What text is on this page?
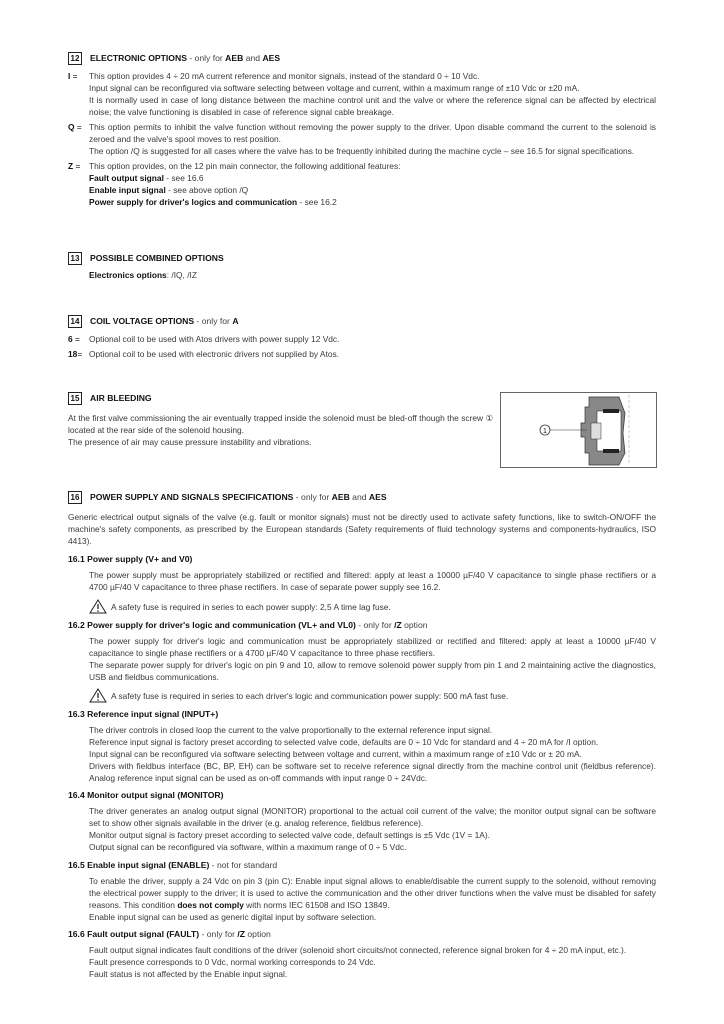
12 ELECTRONIC OPTIONS - only for AEB and AES
I =	This option provides 4 ÷ 20 mA current reference and monitor signals, instead of the standard 0 ÷ 10 Vdc.

Input signal can be reconfigured via software selecting between voltage and current, within a maximum range of ±10 Vdc or ±20 mA.

It is normally used in case of long distance between the machine control unit and the valve or where the reference signal can be affected by electrical noise; the valve functioning is disabled in case of reference signal cable breakage.

Q = This option permits to inhibit the valve function without removing the power supply to the driver. Upon disable command the current to the solenoid is zeroed and the valve's spool moves to rest position.

The option /Q is suggested for all cases where the valve has to be frequently inhibited during the machine cycle – see 16.5 for signal specifications.

Z =	This option provides, on the 12 pin main connector, the following additional features:

Fault output signal - see 16.6

Enable input signal - see above option /Q

Power supply for driver's logics and communication - see 16.2

13 POSSIBLE COMBINED OPTIONS

Electronics options: /IQ, /IZ

14 COIL VOLTAGE OPTIONS - only for A
6 =	Optional coil to be used with Atos drivers with power supply 12 Vdc.

18= Optional coil to be used with electronic drivers not supplied by Atos.

15 AIR BLEEDING

At the first valve commissioning the air eventually trapped inside the solenoid must be bled-off though the screw ① located at the rear side of the solenoid housing.

The presence of air may cause pressure instability and vibrations.

1
16 POWER SUPPLY AND SIGNALS SPECIFICATIONS - only for AEB and AES

Generic electrical output signals of the valve (e.g. fault or monitor signals) must not be directly used to activate safety functions, like to switch-ON/OFF the machine's safety components, as prescribed by the European standards (Safety requirements of fluid technology systems and components-hydraulics, ISO 4413).

16.1 Power supply (V+ and V0)

The power supply must be appropriately stabilized or rectified and filtered: apply at least a 10000 µF/40 V capacitance to single phase rectifiers or a 4700 µF/40 V capacitance to three phase rectifiers. In case of separate power supply see 16.2.

A safety fuse is required in series to each power supply: 2,5 A time lag fuse.
16.2 Power supply for driver's logic and communication (VL+ and VL0) - only for /Z option

The power supply for driver's logic and communication must be appropriately stabilized or rectified and filtered: apply at least a 10000 µF/40 V capacitance to single phase rectifiers or a 4700 µF/40 V capacitance to three phase rectifiers.

The separate power supply for driver's logic on pin 9 and 10, allow to remove solenoid power supply from pin 1 and 2 maintaining active the diagnostics, USB and fieldbus communications.

A safety fuse is required in series to each driver's logic and communication power supply: 500 mA fast fuse.
16.3 Reference input signal (INPUT+)

The driver controls in closed loop the current to the valve proportionally to the external reference input signal.

Reference input signal is factory preset according to selected valve code, defaults are 0 ÷ 10 Vdc for standard and 4 ÷ 20 mA for /I option.

Input signal can be reconfigured via software selecting between voltage and current, within a maximum range of ±10 Vdc or ± 20 mA.

Drivers with fieldbus interface (BC, BP, EH) can be software set to receive reference signal directly from the machine control unit (fieldbus reference). Analog reference input signal can be used as on-off commands with input range 0 ÷ 24Vdc.

16.4 Monitor output signal (MONITOR)

The driver generates an analog output signal (MONITOR) proportional to the actual coil current of the valve; the monitor output signal can be software set to show other signals available in the driver (e.g. analog reference, fieldbus reference).

Monitor output signal is factory preset according to selected valve code, default settings is ±5 Vdc (1V = 1A).

Output signal can be reconfigured via software, within a maximum range of 0 ÷ 5 Vdc.

16.5 Enable input signal (ENABLE) - not for standard

To enable the driver, supply a 24 Vdc on pin 3 (pin C): Enable input signal allows to enable/disable the current supply to the solenoid, without removing the electrical power supply to the driver; it is used to active the communication and the other driver functions when the valve must be disabled for safety reasons. This condition does not comply with norms IEC 61508 and ISO 13849.

Enable input signal can be used as generic digital input by software selection.

16.6 Fault output signal (FAULT) - only for /Z option

Fault output signal indicates fault conditions of the driver (solenoid short circuits/not connected, reference signal broken for 4 ÷ 20 mA input, etc.).

Fault presence corresponds to 0 Vdc, normal working corresponds to 24 Vdc.

Fault status is not affected by the Enable input signal.
